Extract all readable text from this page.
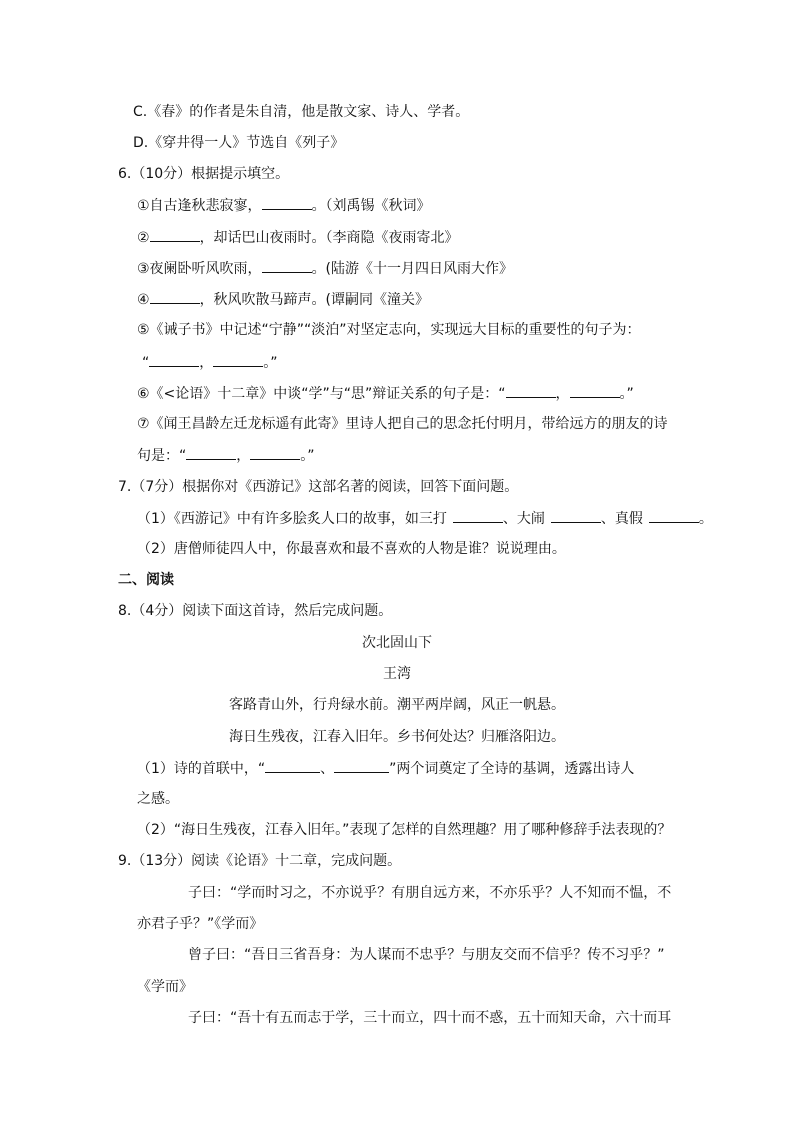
C.《春》的作者是朱自清，他是散文家、诗人、学者。
D.《穿井得一人》节选自《列子》
6.（10分）根据提示填空。
①自古逢秋悲寂寥，	。（刘禹锡《秋词》
②	，却话巴山夜雨时。（李商隐《夜雨寄北》
③夜阑卧听风吹雨，	。(陆游《十一月四日风雨大作》
④	，秋风吹散马蹄声。(谭嗣同《潼关》
⑤《诫子书》中记述“宁静”“淡泊”对坚定志向，实现远大目标的重要性的句子为：
“	，	。”
⑥《<论语》十二章》中谈“学”与“思”辩证关系的句子是：“	，	。”
⑦《闻王昌龄左迁龙标遥有此寄》里诗人把自己的思念托付明月，带给远方的朋友的诗
句是：“	，	。”
7.（7分）根据你对《西游记》这部名著的阅读，回答下面问题。
（1）《西游记》中有许多脍炙人口的故事，如三打	、大闹	、真假	。
（2）唐僧师徒四人中，你最喜欢和最不喜欢的人物是谁？说说理由。
二、阅读
8.（4分）阅读下面这首诗，然后完成问题。
次北固山下
王湾
客路青山外，行舟绿水前。潮平两岸阔，风正一帆悬。
海日生残夜，江春入旧年。乡书何处达？归雁洛阳边。
（1）诗的首联中，“	、	”两个词奠定了全诗的基调，透露出诗人
之感。
（2）“海日生残夜，江春入旧年。”表现了怎样的自然理趣？用了哪种修辞手法表现的？
9.（13分）阅读《论语》十二章，完成问题。
子曰：“学而时习之，不亦说乎？有朋自远方来，不亦乐乎？人不知而不愠，不
亦君子乎？”《学而》
曾子曰：“吾日三省吾身：为人谋而不忠乎？与朋友交而不信乎？传不习乎？”
《学而》
子曰：“吾十有五而志于学，三十而立，四十而不惑，五十而知天命，六十而耳
